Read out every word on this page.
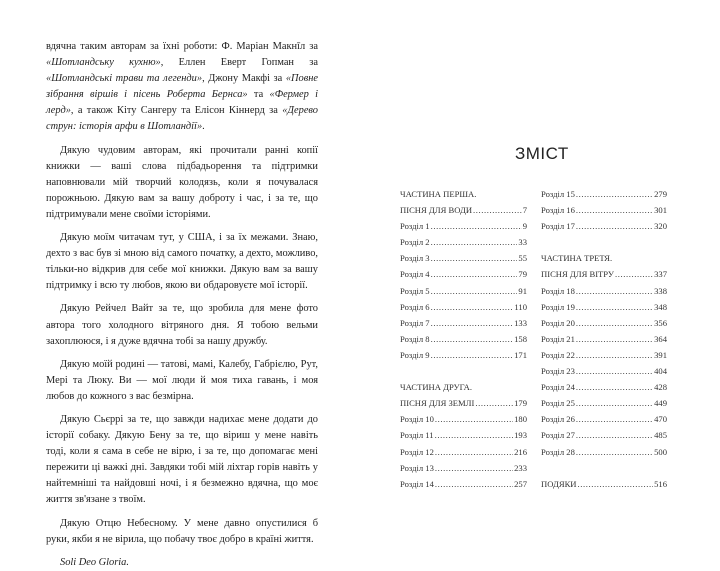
вдячна таким авторам за їхні роботи: Ф. Маріан Макнīл за «Шотландську кухню», Еллен Еверт Гопман за «Шотландські трави та легенди», Джону Макфі за «Повне зібрання віршів і пісень Роберта Бернса» та «Фермер і лерд», а також Кіту Сангеру та Елісон Кіннерд за «Дерево струн: історія арфи в Шотландії».

Дякую чудовим авторам, які прочитали ранні копії книжки — ваші слова підбадьорення та підтримки наповнювали мій творчий колодязь, коли я почувалася порожньою. Дякую вам за вашу доброту і час, і за те, що підтримували мене своїми історіями.

Дякую моїм читачам тут, у США, і за їх межами. Знаю, дехто з вас був зі мною від самого початку, а дехто, можливо, тільки-но відкрив для себе мої книжки. Дякую вам за вашу підтримку і всю ту любов, якою ви обдаровуєте мої історії.

Дякую Рейчел Вайт за те, що зробила для мене фото автора того холодного вітряного дня. Я тобою вельми захоплююся, і я дуже вдячна тобі за нашу дружбу.

Дякую моїй родині — татові, мамі, Калебу, Габрієлю, Рут, Мері та Люку. Ви — мої люди й моя тиха гавань, і моя любов до кожного з вас безмірна.

Дякую Сьєррі за те, що завжди надихає мене додати до історії собаку. Дякую Бену за те, що віриш у мене навіть тоді, коли я сама в себе не вірю, і за те, що допомагає мені пережити ці важкі дні. Завдяки тобі мій ліхтар горів навіть у найтемніші та найдовші ночі, і я безмежно вдячна, що моє життя зв'язане з твоїм.

Дякую Отцю Небесному. У мене давно опустилися б руки, якби я не вірила, що побачу твоє добро в країні життя.

Soli Deo Gloria.

ЗМІСТ
ЧАСТИНА ПЕРША.
ПІСНЯ ДЛЯ ВОДИ .....	7
Розділ 1 .....	9
Розділ 2 .....	33
Розділ 3 .....	55
Розділ 4 .....	79
Розділ 5 .....	91
Розділ 6 .....	110
Розділ 7 .....	133
Розділ 8 .....	158
Розділ 9 .....	171
ЧАСТИНА ДРУГА.
ПІСНЯ ДЛЯ ЗЕМЛІ .....	179
Розділ 10 .....	180
Розділ 11 .....	193
Розділ 12 .....	216
Розділ 13 .....	233
Розділ 14 .....	257
Розділ 15 .....	279
Розділ 16 .....	301
Розділ 17 .....	320
ЧАСТИНА ТРЕТЯ.
ПІСНЯ ДЛЯ ВІТРУ .....	337
Розділ 18 .....	338
Розділ 19 .....	348
Розділ 20 .....	356
Розділ 21 .....	364
Розділ 22 .....	391
Розділ 23 .....	404
Розділ 24 .....	428
Розділ 25 .....	449
Розділ 26 .....	470
Розділ 27 .....	485
Розділ 28 .....	500
ПОДЯКИ .....	516
